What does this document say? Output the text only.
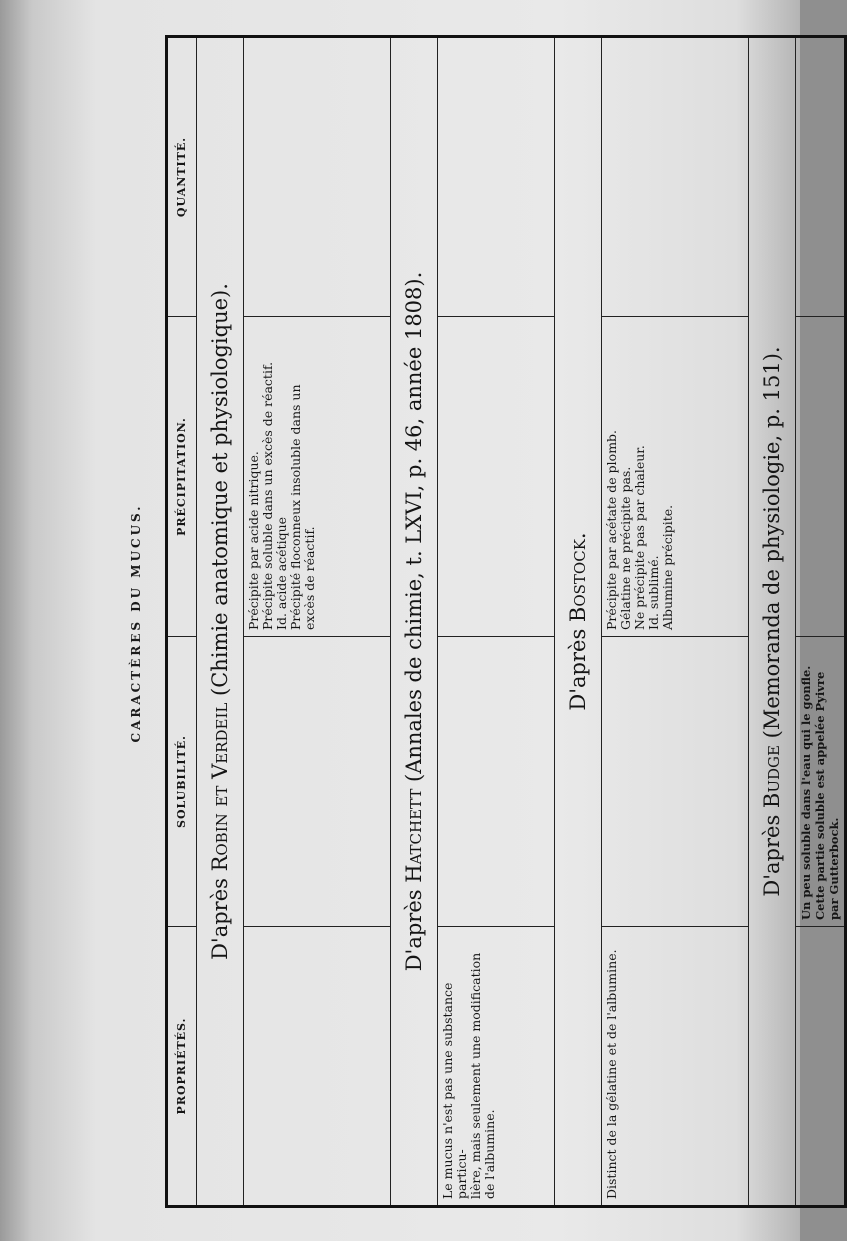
CARACTÈRES DU MUCUS.
PROPRIÉTÉS.	SOLUBILITÉ.	PRÉCIPITATION.	QUANTITÉ.
D'après Robin et Verdeil (Chimie anatomique et physiologique).			
		Précipite par acide nitrique.
Précipite soluble dans un excès de réactif.
Id. acide acétique
Précipité floconneux insoluble dans un
excès de réactif.	
D'après Hatchett (Annales de chimie, t. LXVI, p. 46, année 1808).			
Le mucus n'est pas une substance particu-
lière, mais seulement une modification
de l'albumine.			
D'après Bostock.			
Distinct de la gélatine et de l'albumine.		Précipite par acétate de plomb.
Gélatine ne précipite pas.
Ne précipite pas par chaleur.
Id. sublimé.
Albumine précipite.	
D'après Budge (Memoranda de physiologie, p. 151).			
	Un peu soluble dans l'eau qui le gonfle.
Cette partie soluble est appelée Pyivre
par Gutterbock.		
